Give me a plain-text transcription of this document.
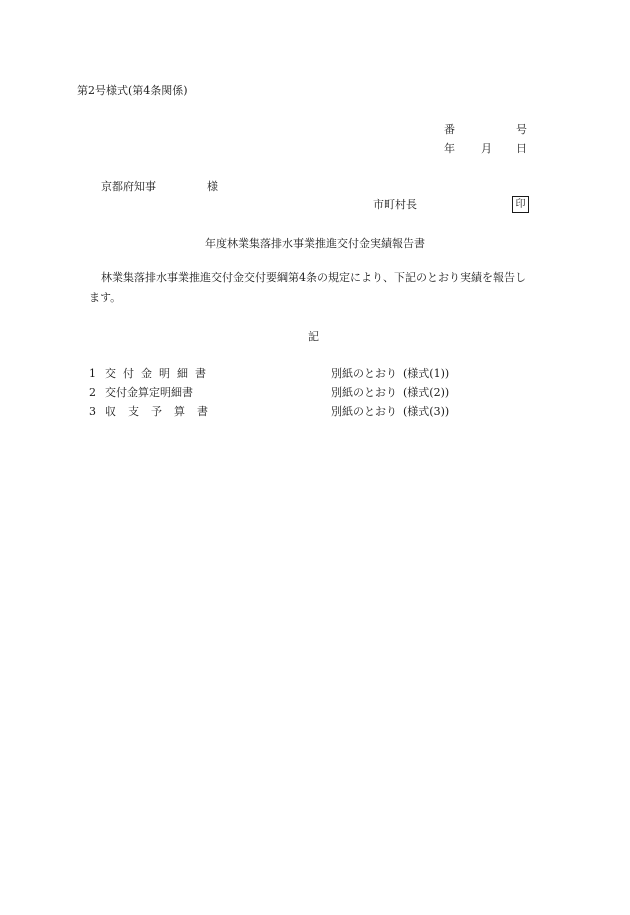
第2号様式(第4条関係)
番	号
年 月 日
京都府知事	様
市町村長	印
年度林業集落排水事業推進交付金実績報告書
林業集落排水事業推進交付金交付要綱第4条の規定により、下記のとおり実績を報告し
ます。
記
1 交付金明細書	別紙のとおり (様式(1))
2 交付金算定明細書	別紙のとおり (様式(2))
3 収支予算書	別紙のとおり (様式(3))
